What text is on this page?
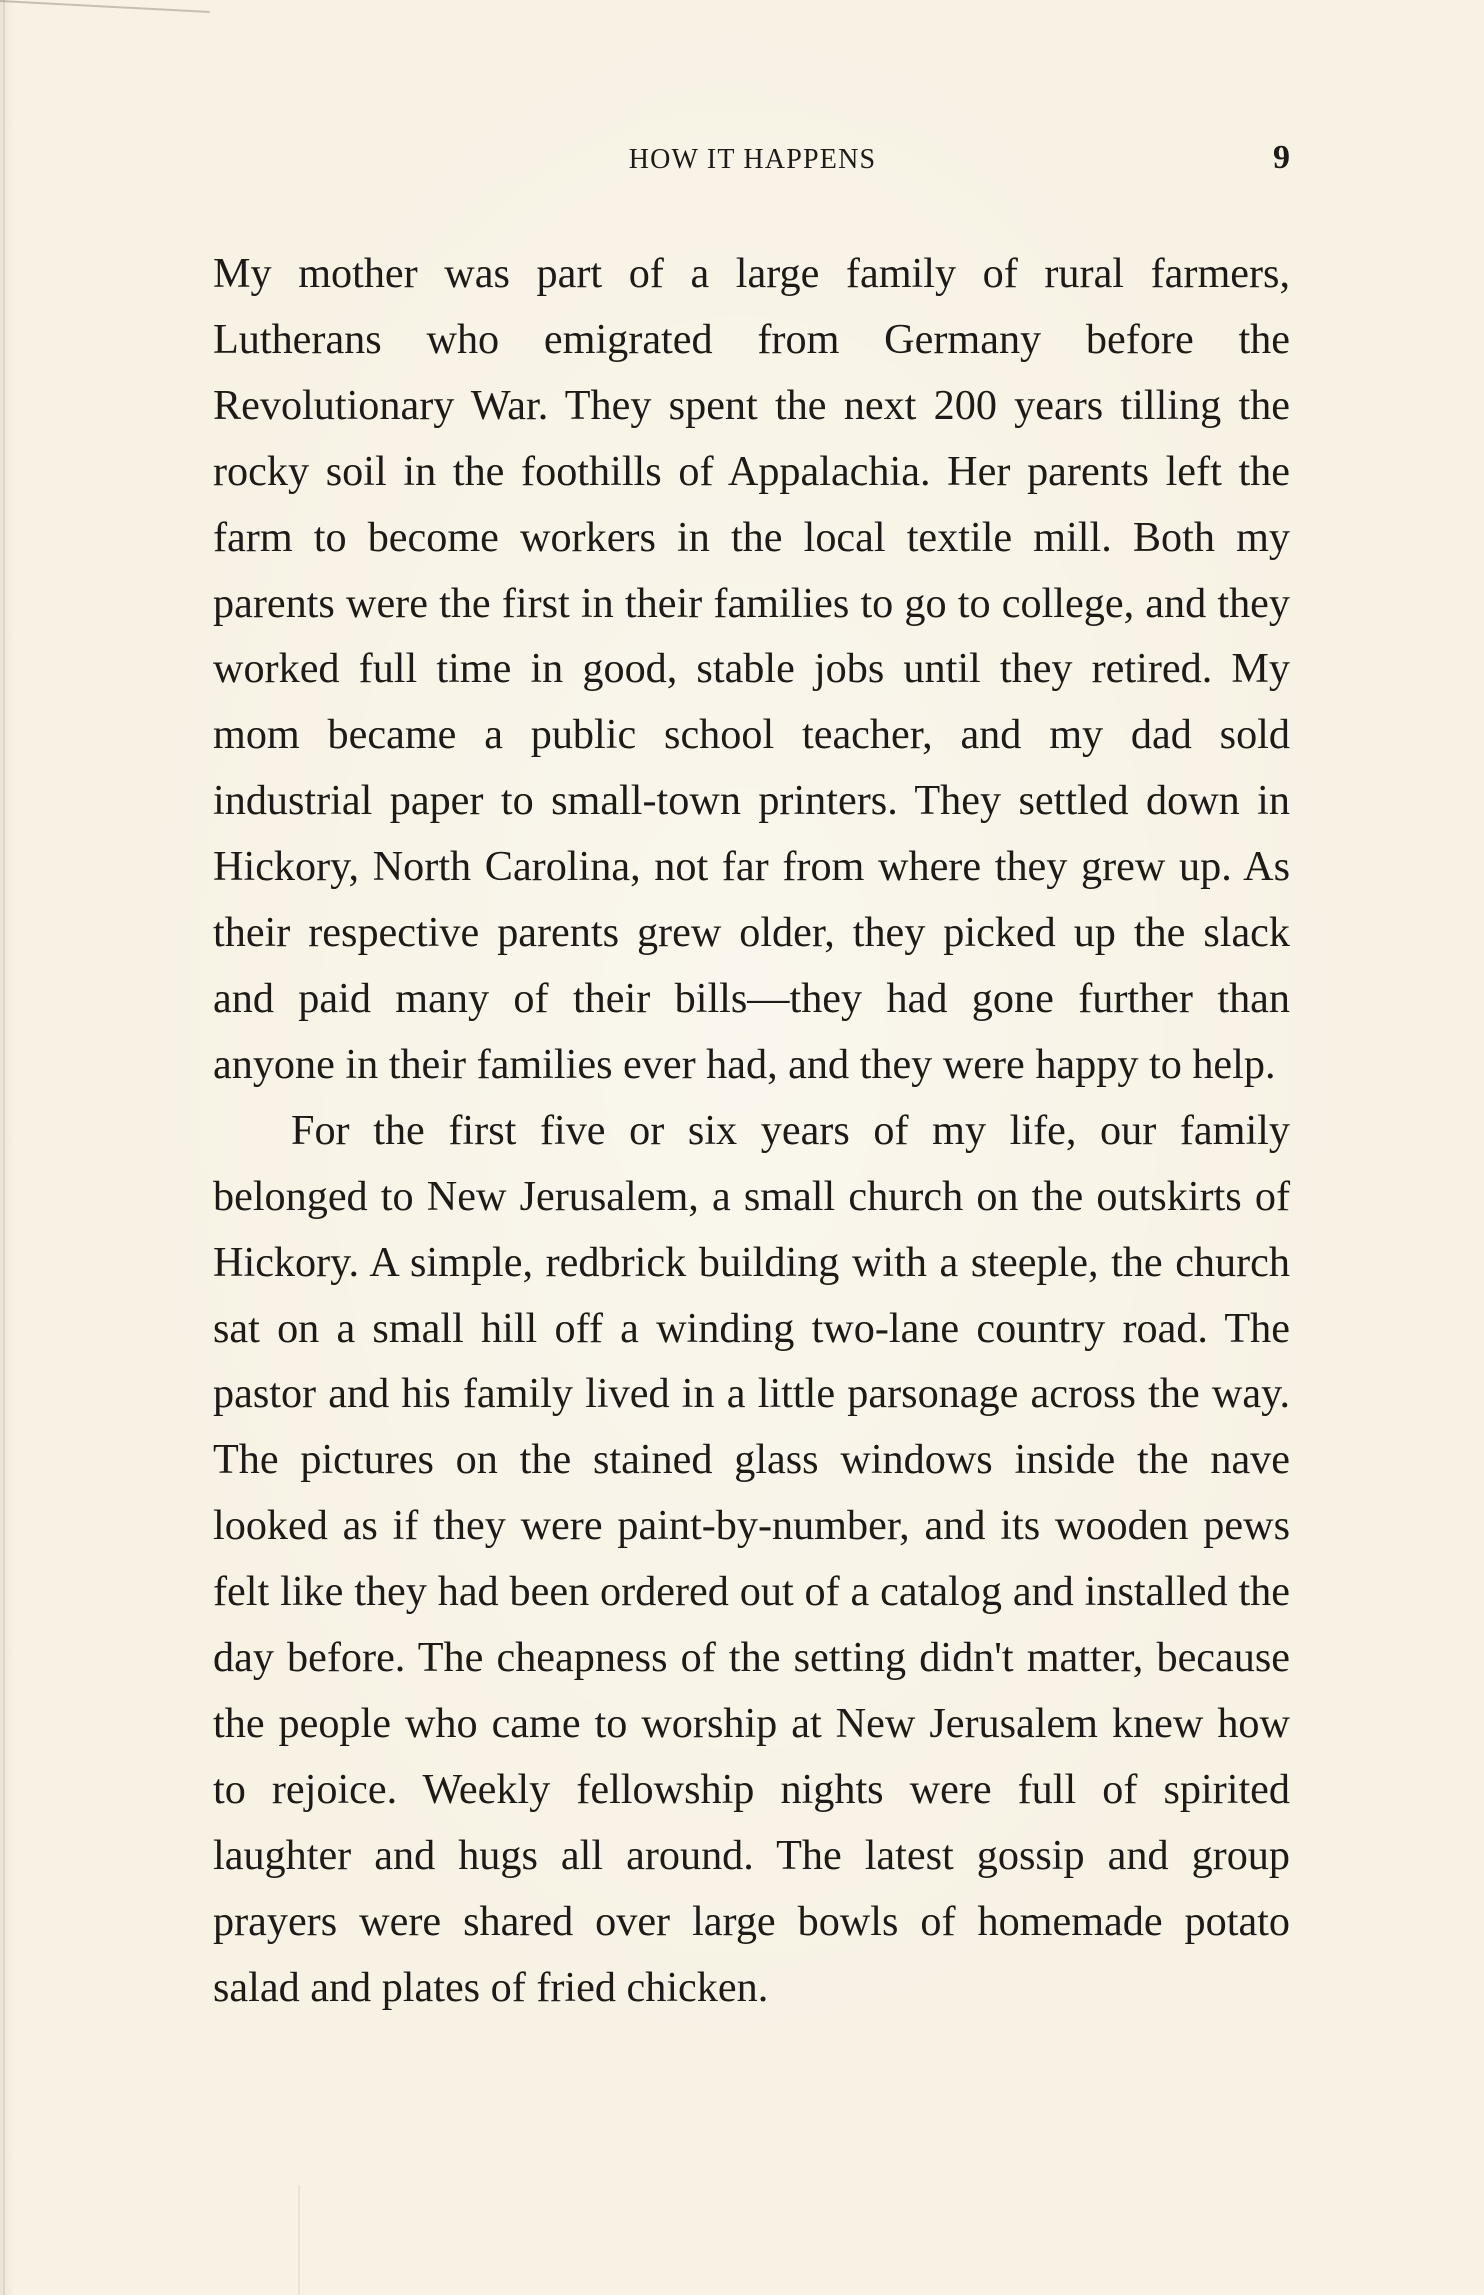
HOW IT HAPPENS	9

My mother was part of a large family of rural farmers, Lutherans who emigrated from Germany before the Revolutionary War. They spent the next 200 years tilling the rocky soil in the foothills of Appalachia. Her parents left the farm to become workers in the local textile mill. Both my parents were the first in their families to go to college, and they worked full time in good, stable jobs until they retired. My mom became a public school teacher, and my dad sold industrial paper to small-town printers. They settled down in Hickory, North Carolina, not far from where they grew up. As their respective parents grew older, they picked up the slack and paid many of their bills—they had gone further than anyone in their families ever had, and they were happy to help.

For the first five or six years of my life, our family belonged to New Jerusalem, a small church on the outskirts of Hickory. A simple, redbrick building with a steeple, the church sat on a small hill off a winding two-lane country road. The pastor and his family lived in a little parsonage across the way. The pictures on the stained glass windows inside the nave looked as if they were paint-by-number, and its wooden pews felt like they had been ordered out of a catalog and installed the day before. The cheapness of the setting didn't matter, because the people who came to worship at New Jerusalem knew how to rejoice. Weekly fellowship nights were full of spirited laughter and hugs all around. The latest gossip and group prayers were shared over large bowls of homemade potato salad and plates of fried chicken.
